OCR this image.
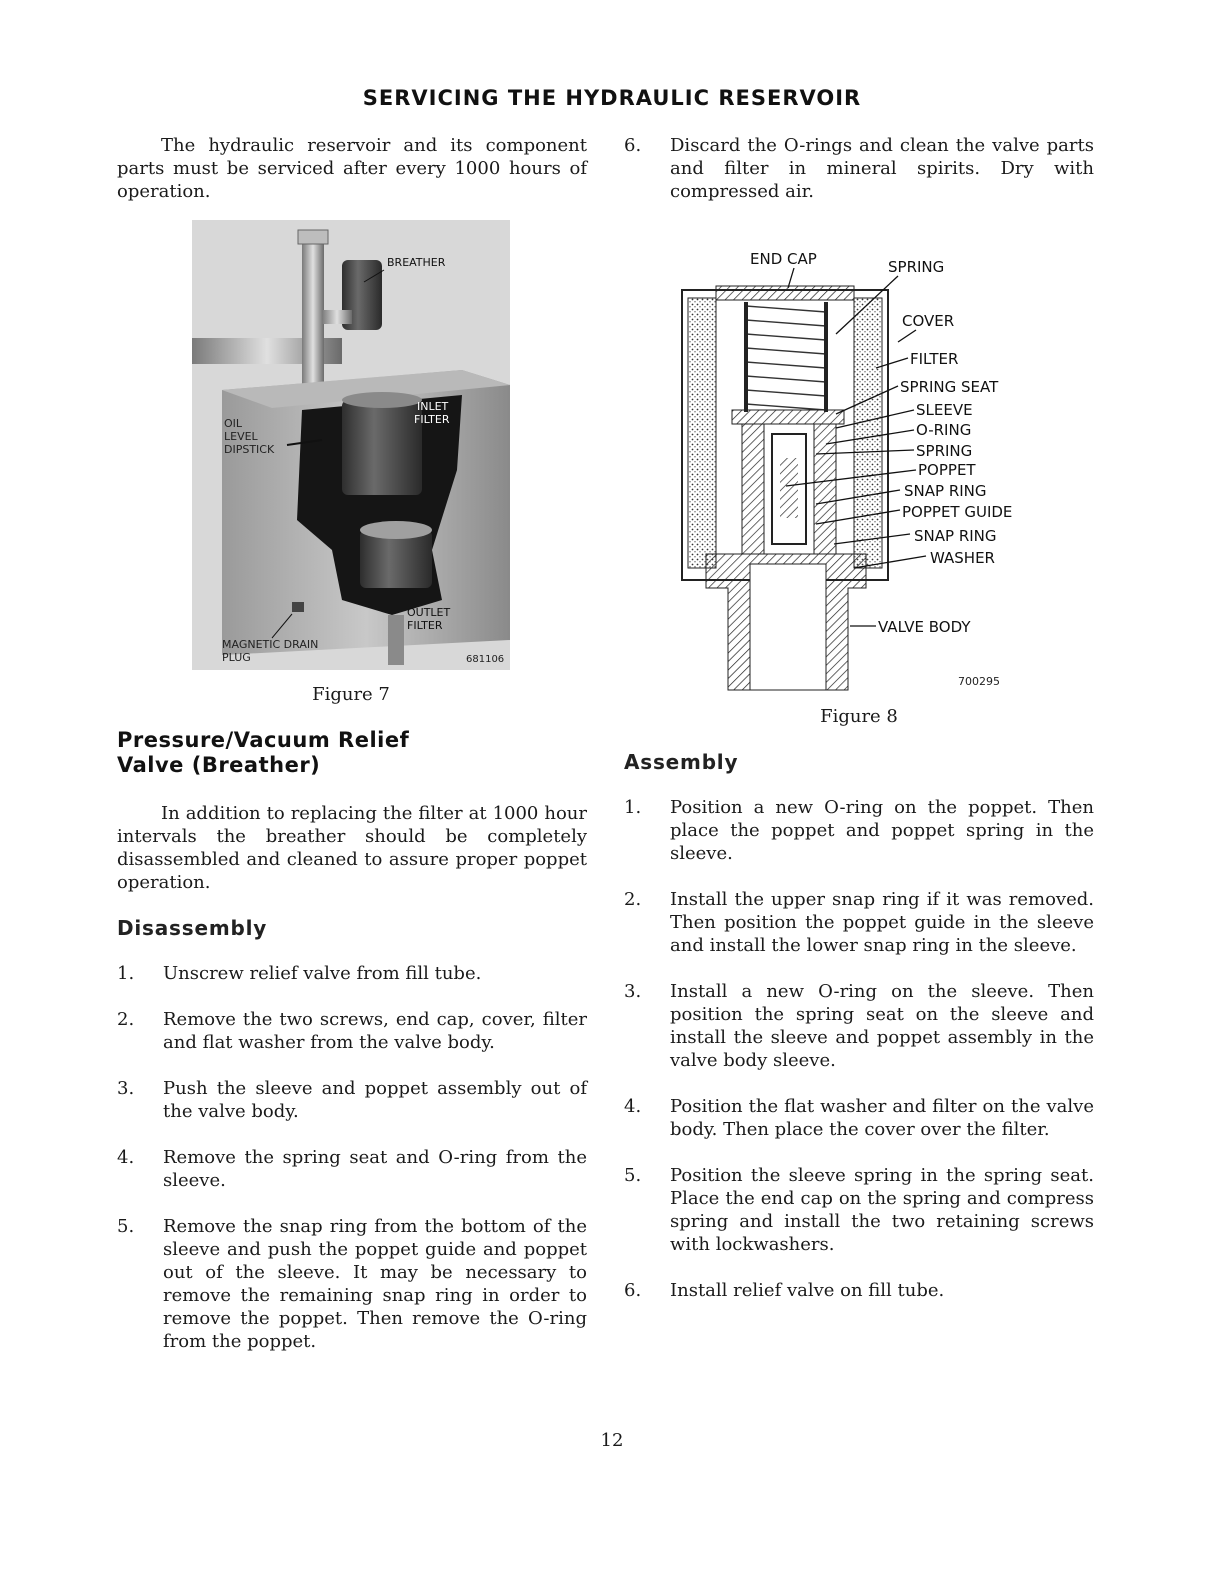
SERVICING THE HYDRAULIC RESERVOIR

The hydraulic reservoir and its component parts must be serviced after every 1000 hours of operation.

BREATHER
INLET
FILTER
OIL
LEVEL
DIPSTICK
OUTLET
FILTER
MAGNETIC DRAIN
PLUG	681106

Figure 7

Pressure/Vacuum Relief

Valve (Breather)

In addition to replacing the filter at 1000 hour intervals the breather should be completely disassembled and cleaned to assure proper poppet operation.

Disassembly

1. Unscrew relief valve from fill tube.
2. Remove the two screws, end cap, cover, filter and flat washer from the valve body.
3. Push the sleeve and poppet assembly out of the valve body.
4. Remove the spring seat and O-ring from the sleeve.
5. Remove the snap ring from the bottom of the sleeve and push the poppet guide and poppet out of the sleeve. It may be necessary to remove the remaining snap ring in order to remove the poppet. Then remove the O-ring from the poppet.
6. Discard the O-rings and clean the valve parts and filter in mineral spirits. Dry with compressed air.
END CAP	SPRING
COVER
FILTER
SPRING SEAT
SLEEVE
O-RING
SPRING
POPPET
SNAP RING
POPPET GUIDE
SNAP RING
WASHER
VALVE BODY
700295

Figure 8

Assembly

1. Position a new O-ring on the poppet. Then place the poppet and poppet spring in the sleeve.
2. Install the upper snap ring if it was removed. Then position the poppet guide in the sleeve and install the lower snap ring in the sleeve.
3. Install a new O-ring on the sleeve. Then position the spring seat on the sleeve and install the sleeve and poppet assembly in the valve body sleeve.
4. Position the flat washer and filter on the valve body. Then place the cover over the filter.
5. Position the sleeve spring in the spring seat. Place the end cap on the spring and compress spring and install the two retaining screws with lockwashers.
6. Install relief valve on fill tube.
12
